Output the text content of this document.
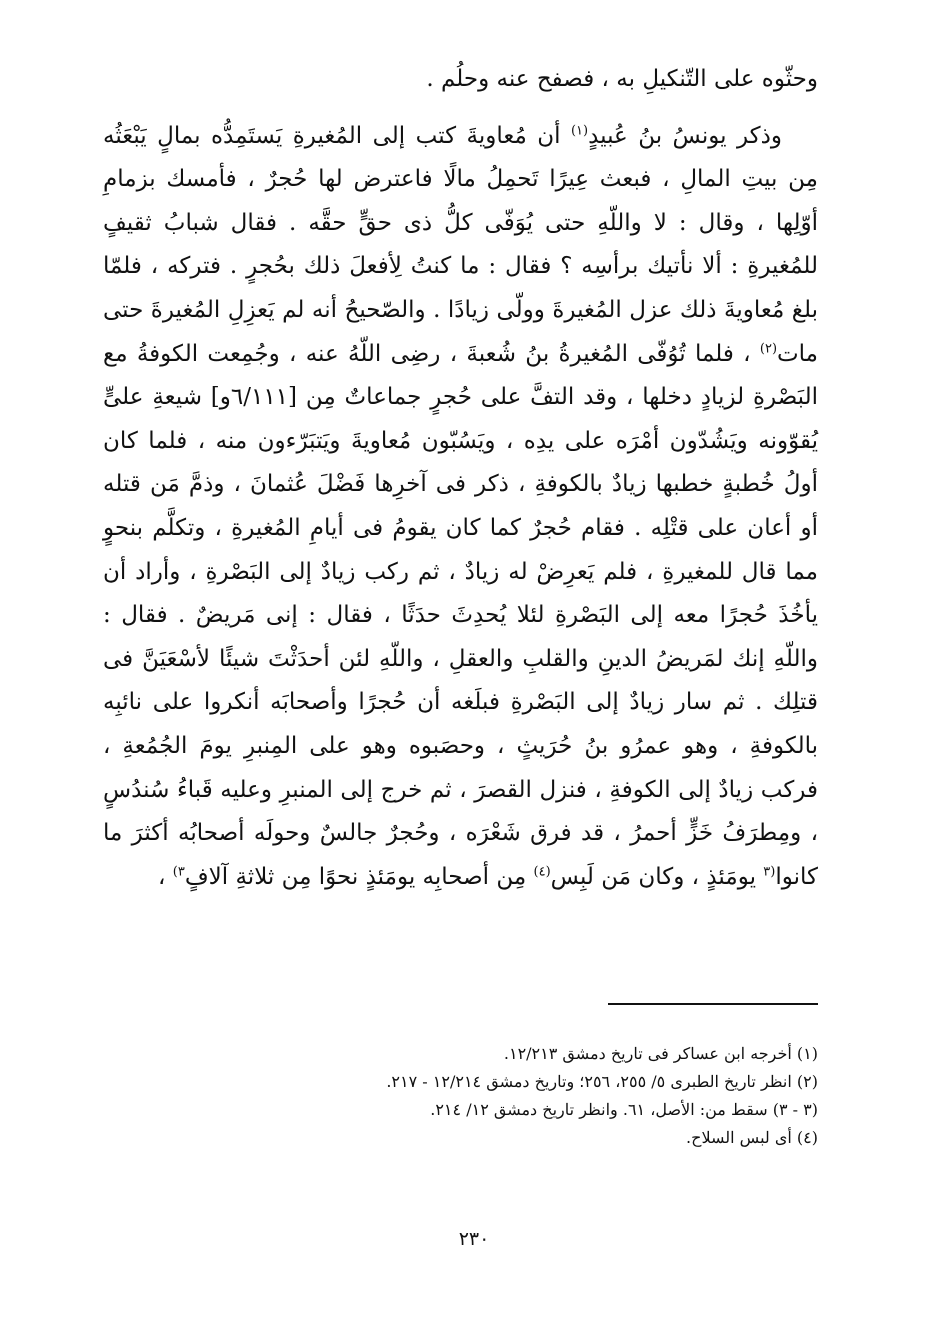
وحثّوه على التّنكيلِ به ، فصفح عنه وحلُم .

وذكر يونسُ بنُ عُبيدٍ$^{(١)}$ أن مُعاويةَ كتب إلى المُغيرةِ يَستَمِدُّه بمالٍ يَبْعَثُه مِن بيتِ المالِ ، فبعث عِيرًا تَحمِلُ مالًا فاعترض لها حُجرٌ ، فأمسك بزمامِ أوّلِها ، وقال : لا واللّهِ حتى يُوَفّى كلُّ ذى حقٍّ حقَّه . فقال شبابُ ثقيفٍ للمُغيرةِ : ألا نأتيك برأسِه ؟ فقال : ما كنتُ لِأفعلَ ذلك بحُجرٍ . فتركه ، فلمّا بلغ مُعاويةَ ذلك عزل المُغيرةَ وولّى زيادًا . والصّحيحُ أنه لم يَعزِلِ المُغيرةَ حتى مات$^{(٢)}$ ، فلما تُوُفّى المُغيرةُ بنُ شُعبةَ ، رضِى اللّهُ عنه ، وجُمِعت الكوفةُ مع البَصْرةِ لزيادٍ دخلها ، وقد التفَّ على حُجرٍ جماعاتٌ مِن [٦/١١١و] شيعةِ علىٍّ يُقوّونه ويَشُدّون أمْرَه على يدِه ، ويَسُبّون مُعاويةَ ويَتبَرّءون منه ، فلما كان أولُ خُطبةٍ خطبها زيادٌ بالكوفةِ ، ذكر فى آخرِها فَضْلَ عُثمانَ ، وذمَّ مَن قتله أو أعان على قتْلِه . فقام حُجرٌ كما كان يقومُ فى أيامِ المُغيرةِ ، وتكلَّم بنحوٍ مما قال للمغيرةِ ، فلم يَعرِضْ له زيادٌ ، ثم ركب زيادٌ إلى البَصْرةِ ، وأراد أن يأخُذَ حُجرًا معه إلى البَصْرةِ لئلا يُحدِثَ حدَثًا ، فقال : إنى مَريضٌ . فقال : واللّهِ إنك لمَريضُ الدينِ والقلبِ والعقلِ ، واللّهِ لئن أحدَثْتَ شيئًا لأسْعَيَنَّ فى قتلِك . ثم سار زيادٌ إلى البَصْرةِ فبلَغه أن حُجرًا وأصحابَه أنكروا على نائبِه بالكوفةِ ، وهو عمرُو بنُ حُرَيثٍ ، وحصَبوه وهو على المِنبرِ يومَ الجُمُعةِ ، فركب زيادٌ إلى الكوفةِ ، فنزل القصرَ ، ثم خرج إلى المنبرِ وعليه قَباءُ سُندُسٍ ، ومِطرَفُ خَزٍّ أحمرُ ، قد فرق شَعْرَه ، وحُجرٌ جالسٌ وحولَه أصحابُه أكثرَ ما كانوا$^{(٣}$ يومَئذٍ ، وكان مَن لَبِس$^{(٤)}$ مِن أصحابِه يومَئذٍ نحوًا مِن ثلاثةِ آلافٍ$^{٣)}$ ،

(١) أخرجه ابن عساكر فى تاريخ دمشق ١٢/٢١٣.

(٢) انظر تاريخ الطبرى ٥/ ٢٥٥، ٢٥٦؛ وتاريخ دمشق ١٢/٢١٤ - ٢١٧.

(٣ - ٣) سقط من: الأصل، ٦١. وانظر تاريخ دمشق ١٢/ ٢١٤.

(٤) أى لبس السلاح.

٢٣٠
